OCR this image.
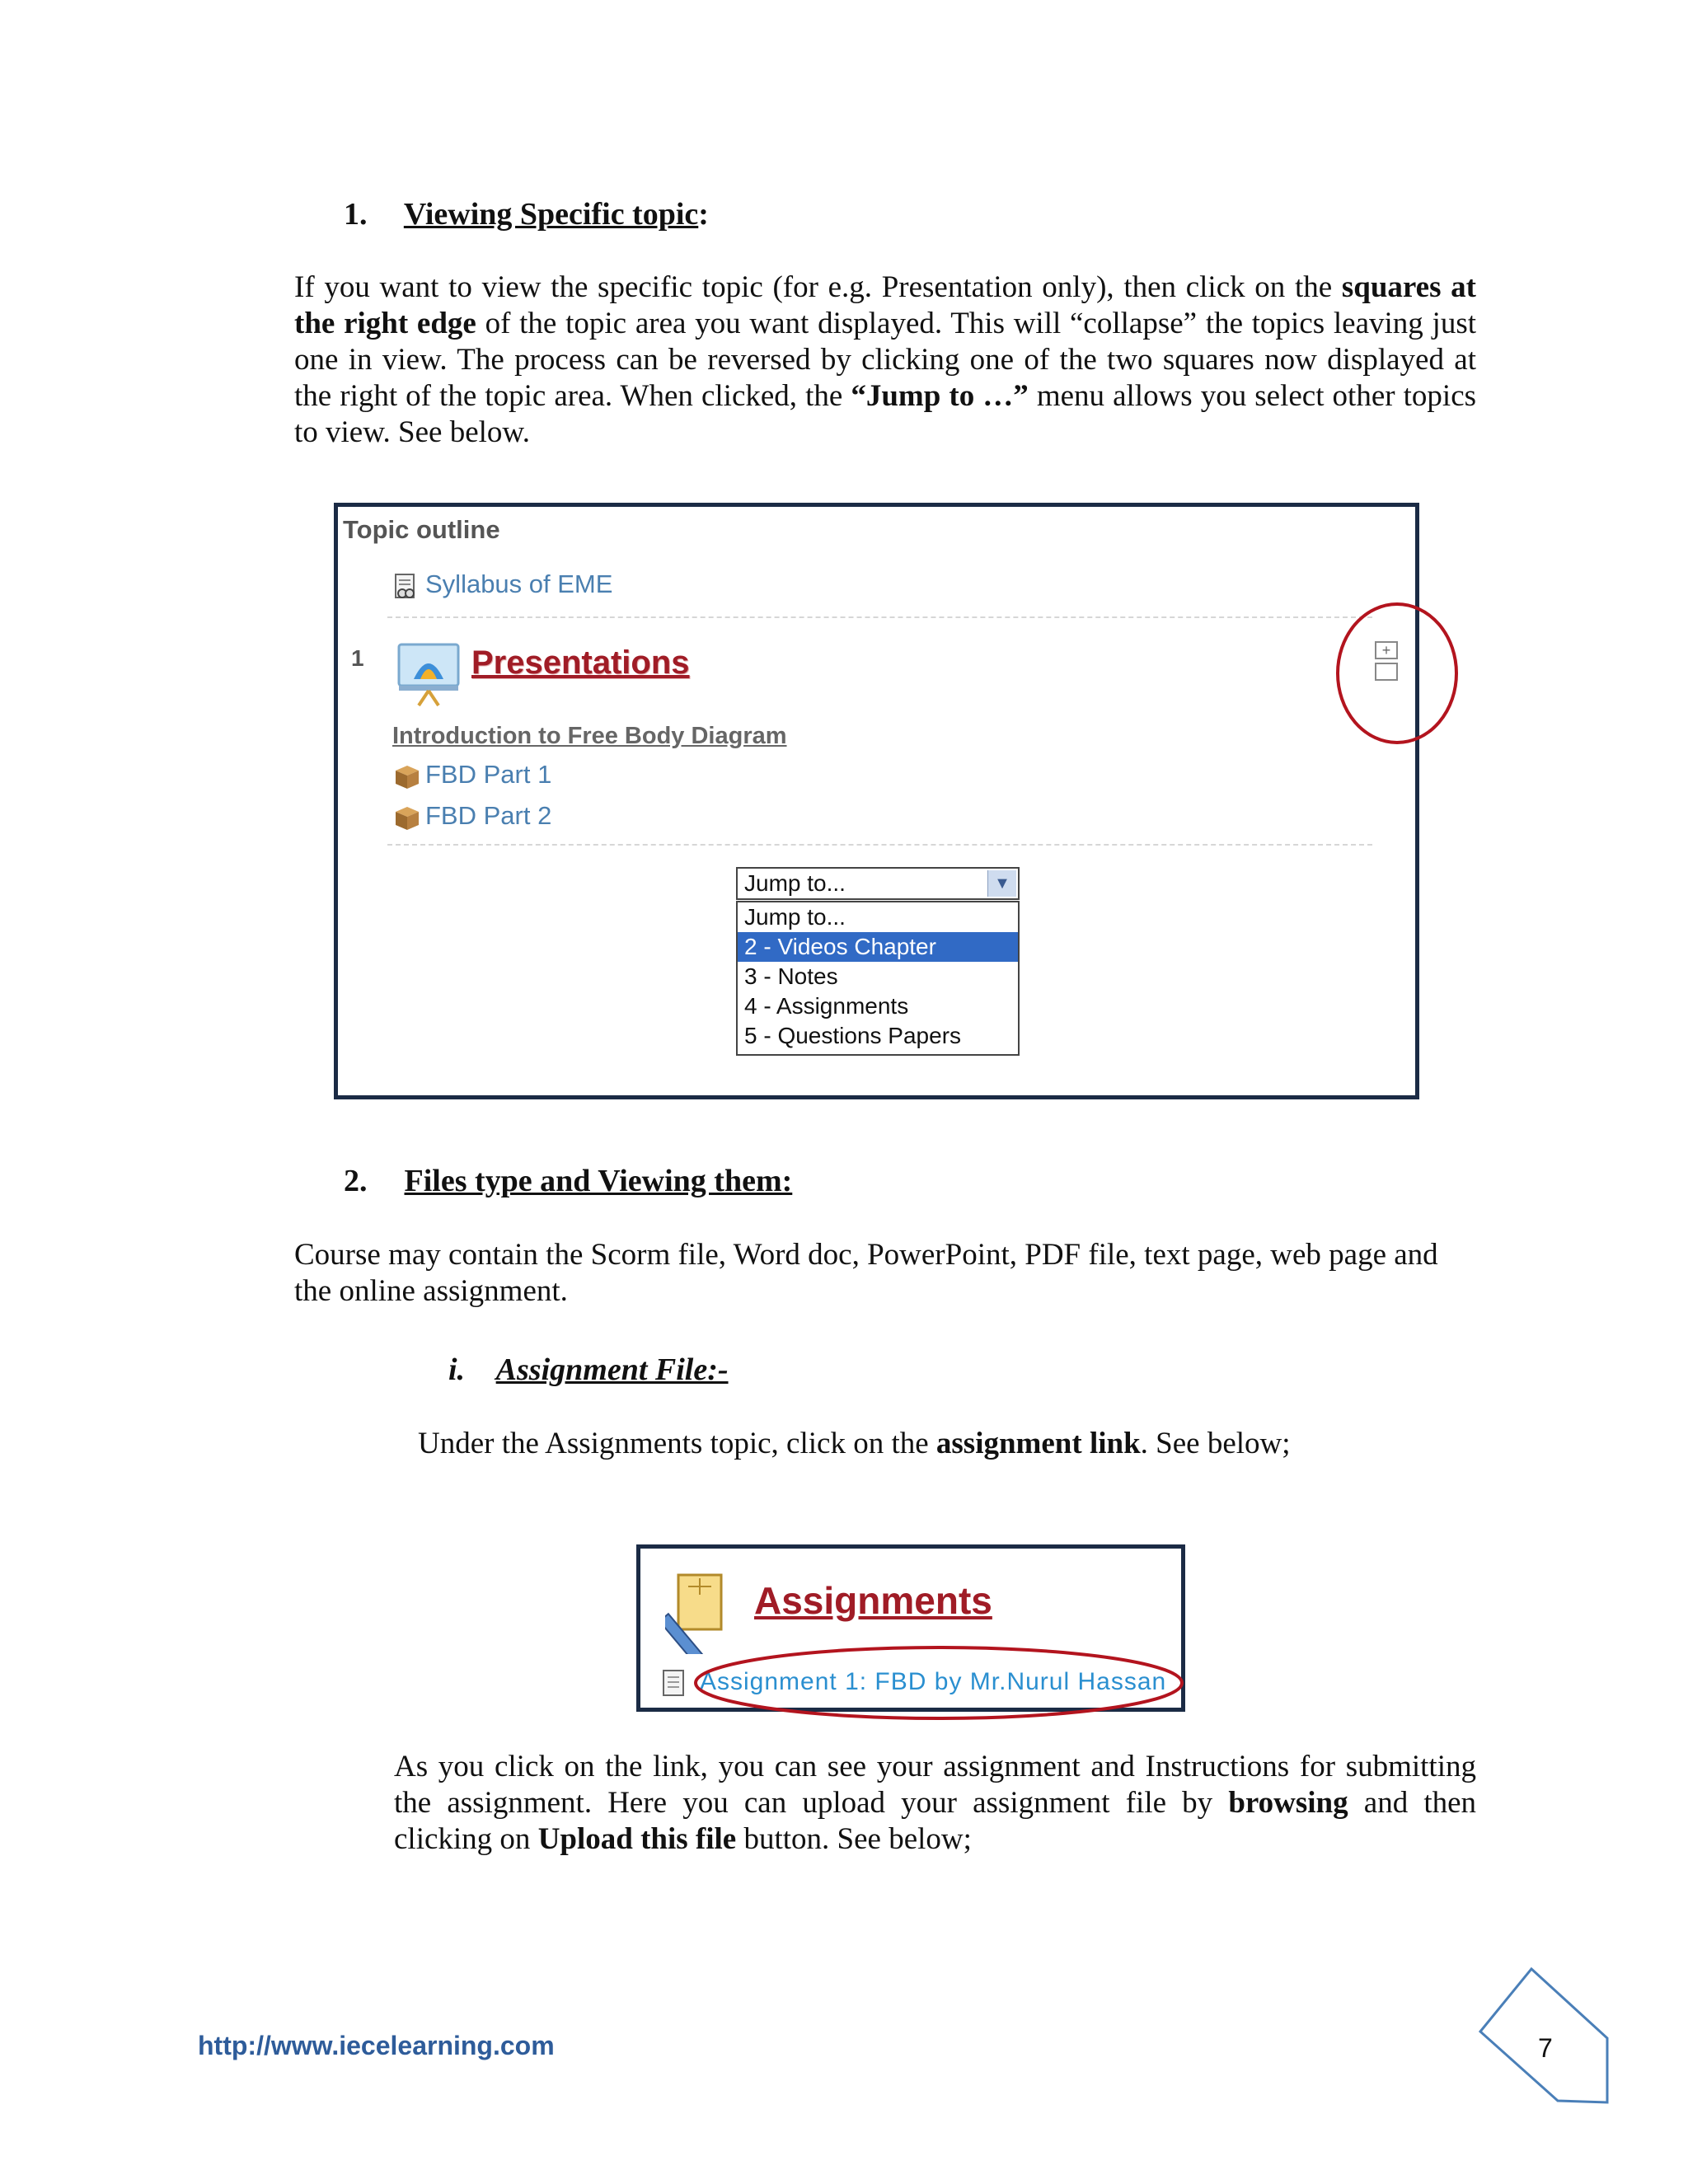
1. Viewing Specific topic:
If you want to view the specific topic (for e.g. Presentation only), then click on the squares at the right edge of the topic area you want displayed. This will “collapse” the topics leaving just one in view. The process can be reversed by clicking one of the two squares now displayed at the right of the topic area. When clicked, the “Jump to …” menu allows you select other topics to view. See below.
Topic outline
Syllabus of EME
1	Presentations	+
Introduction to Free Body Diagram
FBD Part 1
FBD Part 2
Jump to...	▼
Jump to...
2 - Videos Chapter
3 - Notes
4 - Assignments
5 - Questions Papers
2. Files type and Viewing them:
Course may contain the Scorm file, Word doc, PowerPoint, PDF file, text page, web page and the online assignment.
i. Assignment File:-
Under the Assignments topic, click on the assignment link. See below;
Assignments
Assignment 1: FBD by Mr.Nurul Hassan
As you click on the link, you can see your assignment and Instructions for submitting the assignment. Here you can upload your assignment file by browsing and then clicking on Upload this file button. See below;
http://www.iecelearning.com	7
